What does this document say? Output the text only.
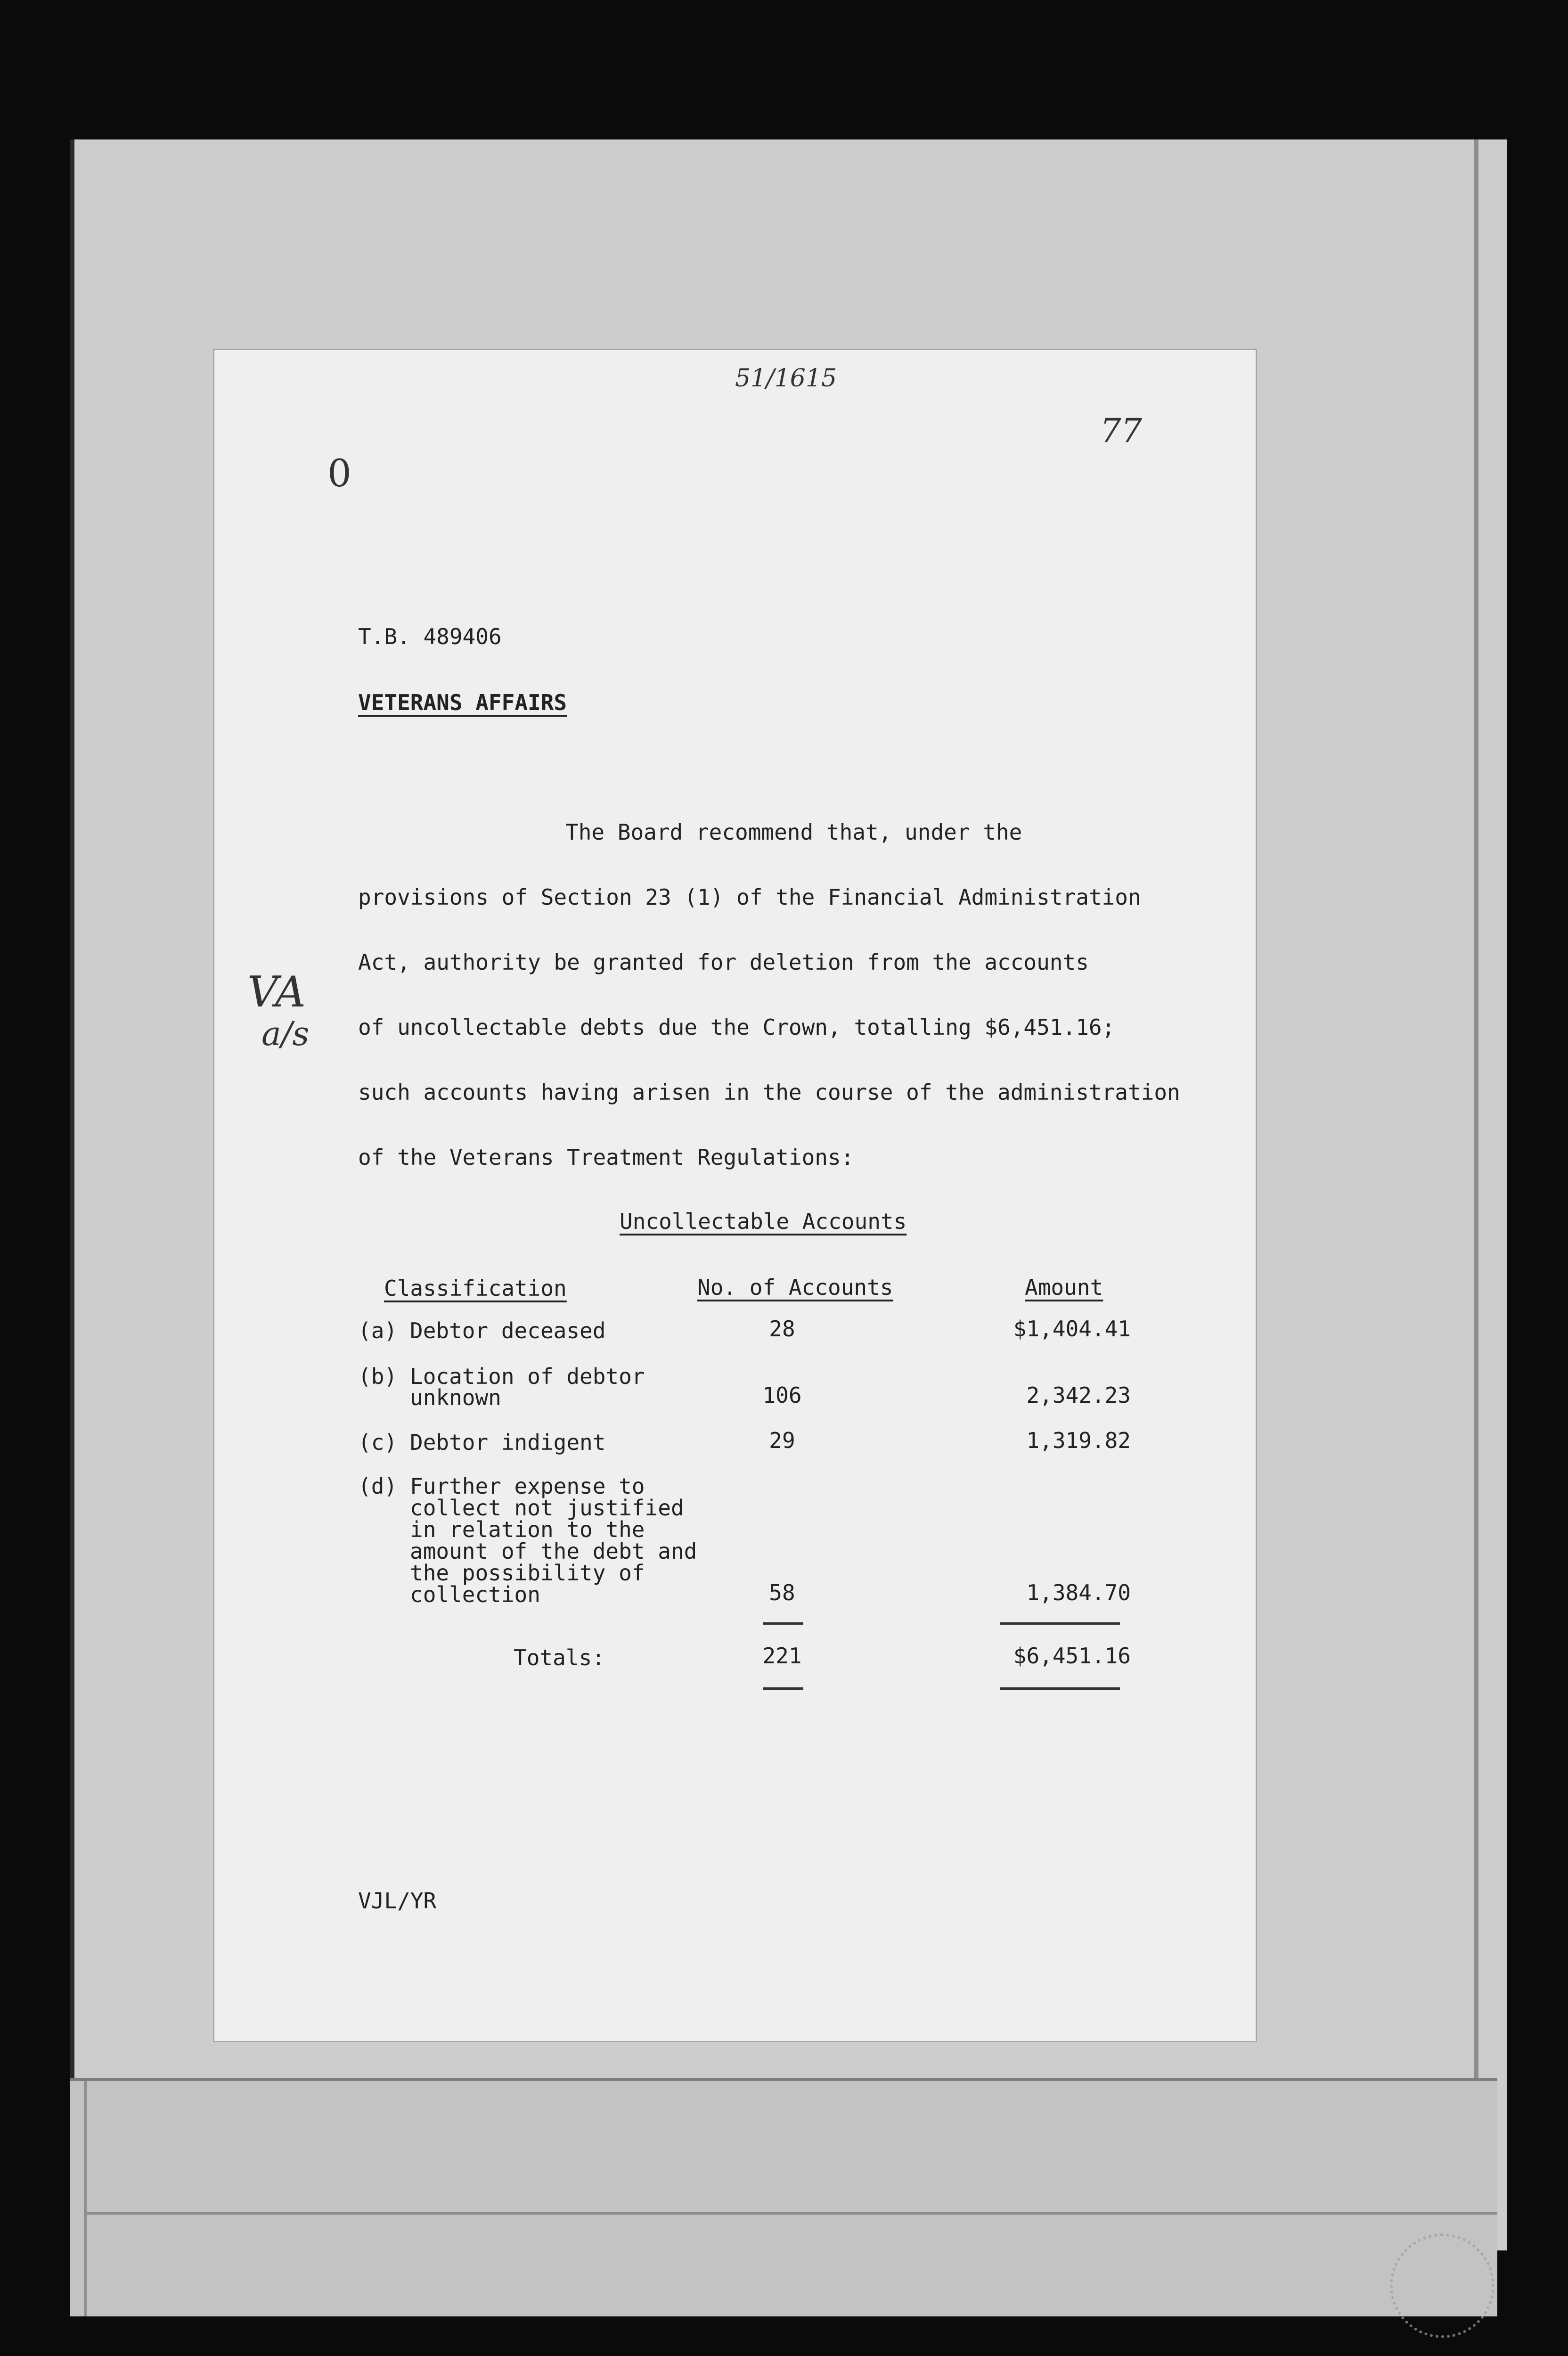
51/1615
77
0
VA
a/s
T.B. 489406
VETERANS AFFAIRS
The Board recommend that, under the
provisions of Section 23 (1) of the Financial Administration
Act, authority be granted for deletion from the accounts
of uncollectable debts due the Crown, totalling $6,451.16;
such accounts having arisen in the course of the administration
of the Veterans Treatment Regulations:
Uncollectable Accounts
Classification	No. of Accounts	Amount
(a) Debtor deceased	28	$1,404.41
(b) Location of debtor
unknown	106	2,342.23
(c) Debtor indigent	29	1,319.82
(d) Further expense to
collect not justified
in relation to the
amount of the debt and
the possibility of
collection	58	1,384.70
Totals:	221	$6,451.16
VJL/YR
